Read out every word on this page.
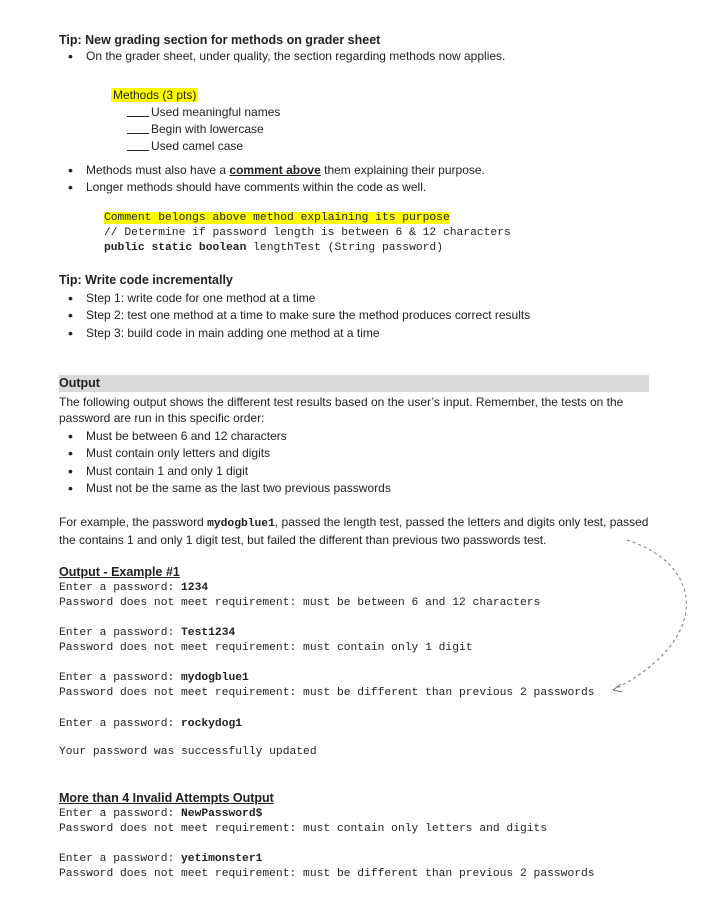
Tip: New grading section for methods on grader sheet
• On the grader sheet, under quality, the section regarding methods now applies.
Methods (3 pts)
Used meaningful names
Begin with lowercase
Used camel case
• Methods must also have a comment above them explaining their purpose.
• Longer methods should have comments within the code as well.
Comment belongs above method explaining its purpose
// Determine if password length is between 6 & 12 characters
public static boolean lengthTest (String password)
Tip: Write code incrementally
• Step 1: write code for one method at a time
• Step 2: test one method at a time to make sure the method produces correct results
• Step 3: build code in main adding one method at a time
Output
The following output shows the different test results based on the user’s input. Remember, the tests on the password are run in this specific order:
• Must be between 6 and 12 characters
• Must contain only letters and digits
• Must contain 1 and only 1 digit
• Must not be the same as the last two previous passwords
For example, the password mydogblue1, passed the length test, passed the letters and digits only test, passed the contains 1 and only 1 digit test, but failed the different than previous two passwords test.
Output - Example #1
Enter a password: 1234
Password does not meet requirement: must be between 6 and 12 characters
Enter a password: Test1234
Password does not meet requirement: must contain only 1 digit
Enter a password: mydogblue1
Password does not meet requirement: must be different than previous 2 passwords
Enter a password: rockydog1
Your password was successfully updated
More than 4 Invalid Attempts Output
Enter a password: NewPassword$
Password does not meet requirement: must contain only letters and digits
Enter a password: yetimonster1
Password does not meet requirement: must be different than previous 2 passwords
